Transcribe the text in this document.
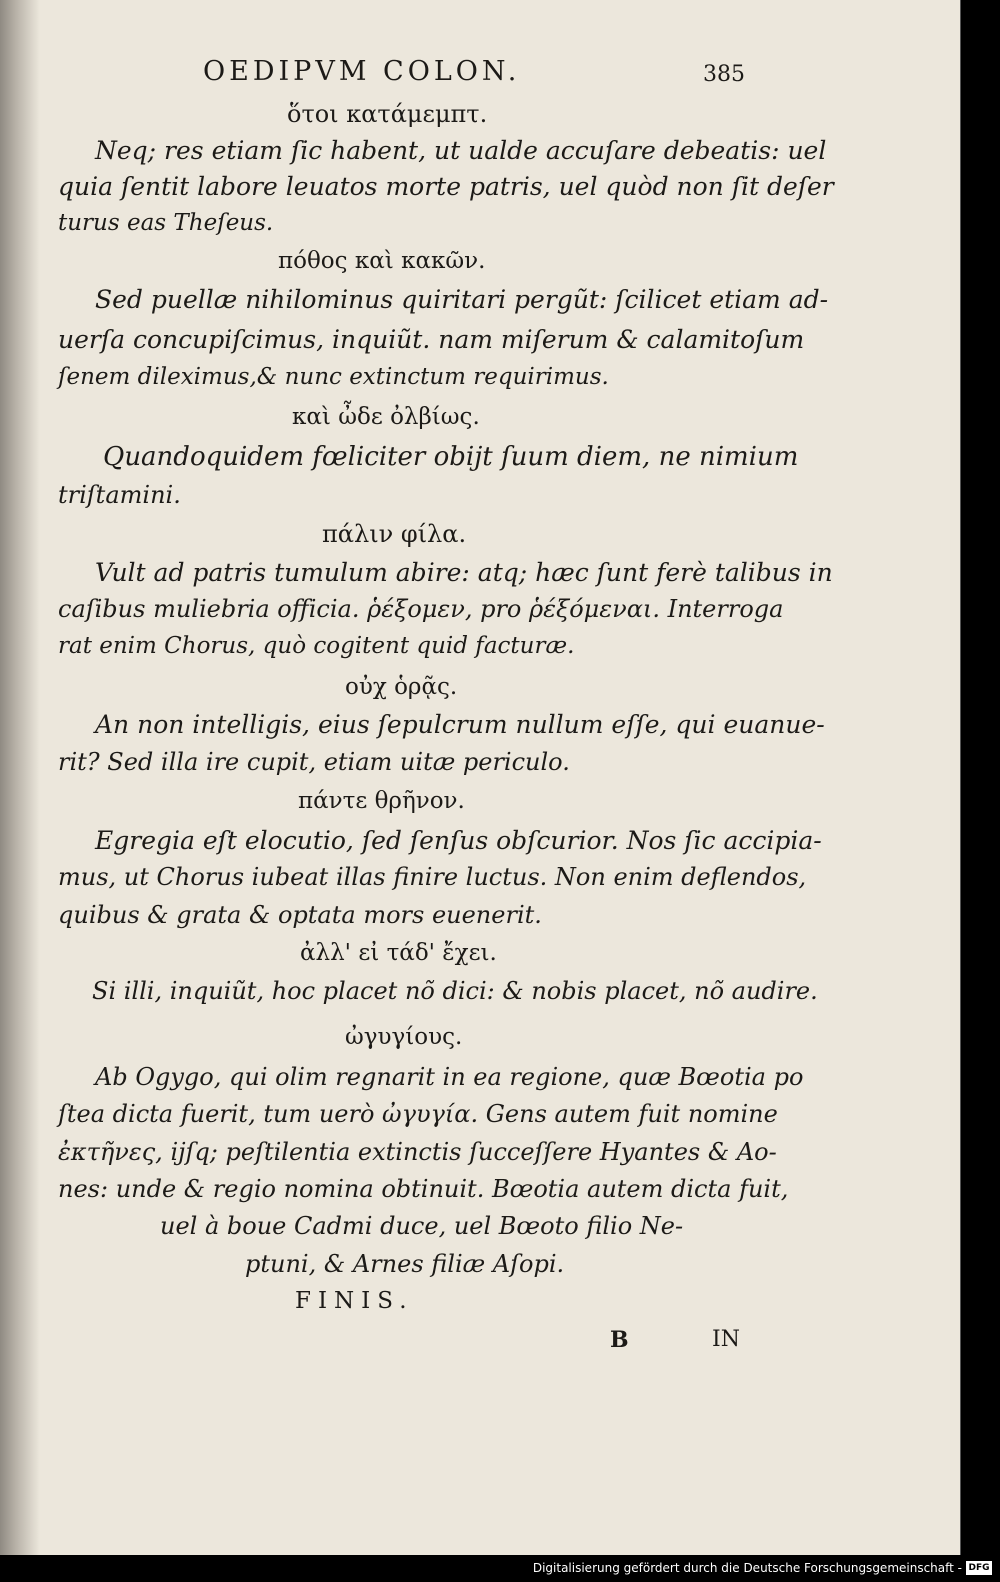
OEDIPVM COLON.	385
ὅτοι κατάμεμπτ.
Neq; res etiam ſic habent, ut ualde accuſare debeatis: uel
quia ſentit labore leuatos morte patris, uel quòd non ſit deſer
turus eas Theſeus.
πόθος καὶ κακῶν.
Sed puellæ nihilominus quiritari pergũt: ſcilicet etiam ad-
uerſa concupiſcimus, inquiũt. nam miſerum & calamitoſum
ſenem dileximus,& nunc extinctum requirimus.
καὶ ὦδε ὀλβίως.
Quandoquidem fœliciter obijt ſuum diem, ne nimium
triſtamini.
πάλιν φίλα.
Vult ad patris tumulum abire: atq; hæc ſunt ferè talibus in
caſibus muliebria officia. ῥέξομεν, pro ῥέξόμεναι. Interroga
rat enim Chorus, quò cogitent quid facturæ.
οὐχ ὁρᾷς.
An non intelligis, eius ſepulcrum nullum eſſe, qui euanue-
rit? Sed illa ire cupit, etiam uitæ periculo.
πάντε θρῆνον.
Egregia eſt elocutio, ſed ſenſus obſcurior. Nos ſic accipia-
mus, ut Chorus iubeat illas finire luctus. Non enim deflendos,
quibus & grata & optata mors euenerit.
ἀλλ' εἰ τάδ' ἔχει.
Si illi, inquiũt, hoc placet nõ dici: & nobis placet, nõ audire.
ὠγυγίους.
Ab Ogygo, qui olim regnarit in ea regione, quæ Bœotia po
ſtea dicta fuerit, tum uerò ὠγυγία. Gens autem fuit nomine
ἐκτῆνες, ijſq; peſtilentia extinctis ſucceſſere Hyantes & Ao-
nes: unde & regio nomina obtinuit. Bœotia autem dicta fuit,
uel à boue Cadmi duce, uel Bœoto filio Ne-
ptuni, & Arnes filiæ Aſopi.
FINIS.
B	IN
Digitalisierung gefördert durch die Deutsche Forschungsgemeinschaft - DFG
